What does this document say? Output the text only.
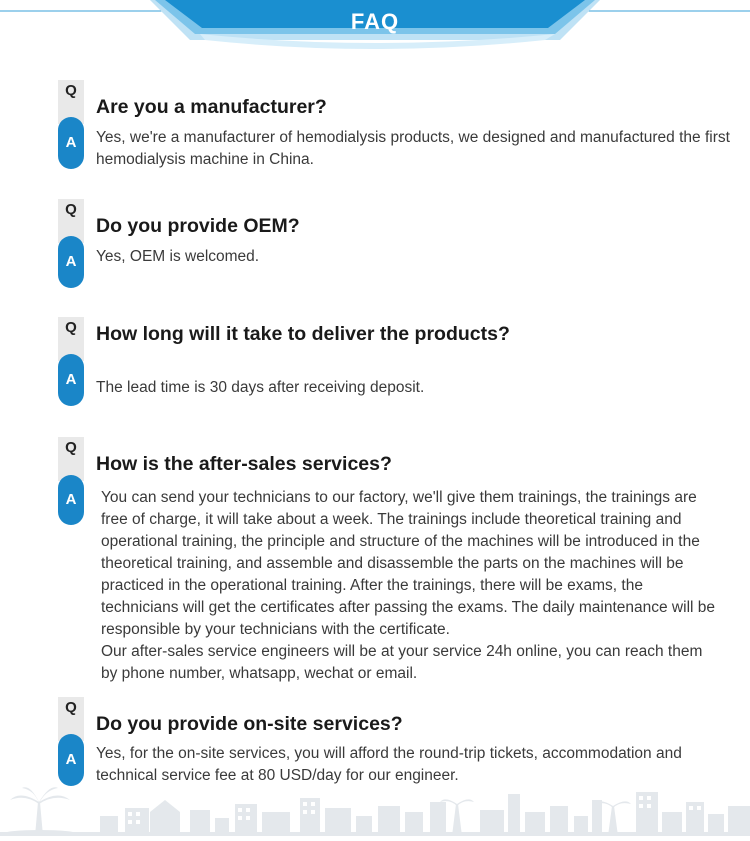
FAQ
Q
A
Are you a manufacturer?

Yes, we're a manufacturer of hemodialysis products, we designed and manufactured the first hemodialysis machine in China.

Q
A
Do you provide OEM?

Yes, OEM is welcomed.

Q
A
How long will it take to deliver the products?

The lead time is 30 days after receiving deposit.

Q
A
How is the after-sales services?

You can send your technicians to our factory, we'll give them trainings, the trainings are free of charge, it will take about a week. The trainings include theoretical training and operational training, the principle and structure of the machines will be introduced in the theoretical training, and assemble and disassemble the parts on the machines will be practiced in the operational training. After the trainings, there will be exams, the technicians will get the certificates after passing the exams. The daily maintenance will be responsible by your technicians with the certificate.

Our after-sales service engineers will be at your service 24h online, you can reach them by phone number, whatsapp, wechat or email.

Q
A
Do you provide on-site services?

Yes, for the on-site services, you will afford the round-trip tickets, accommodation and technical service fee at 80 USD/day for our engineer.
